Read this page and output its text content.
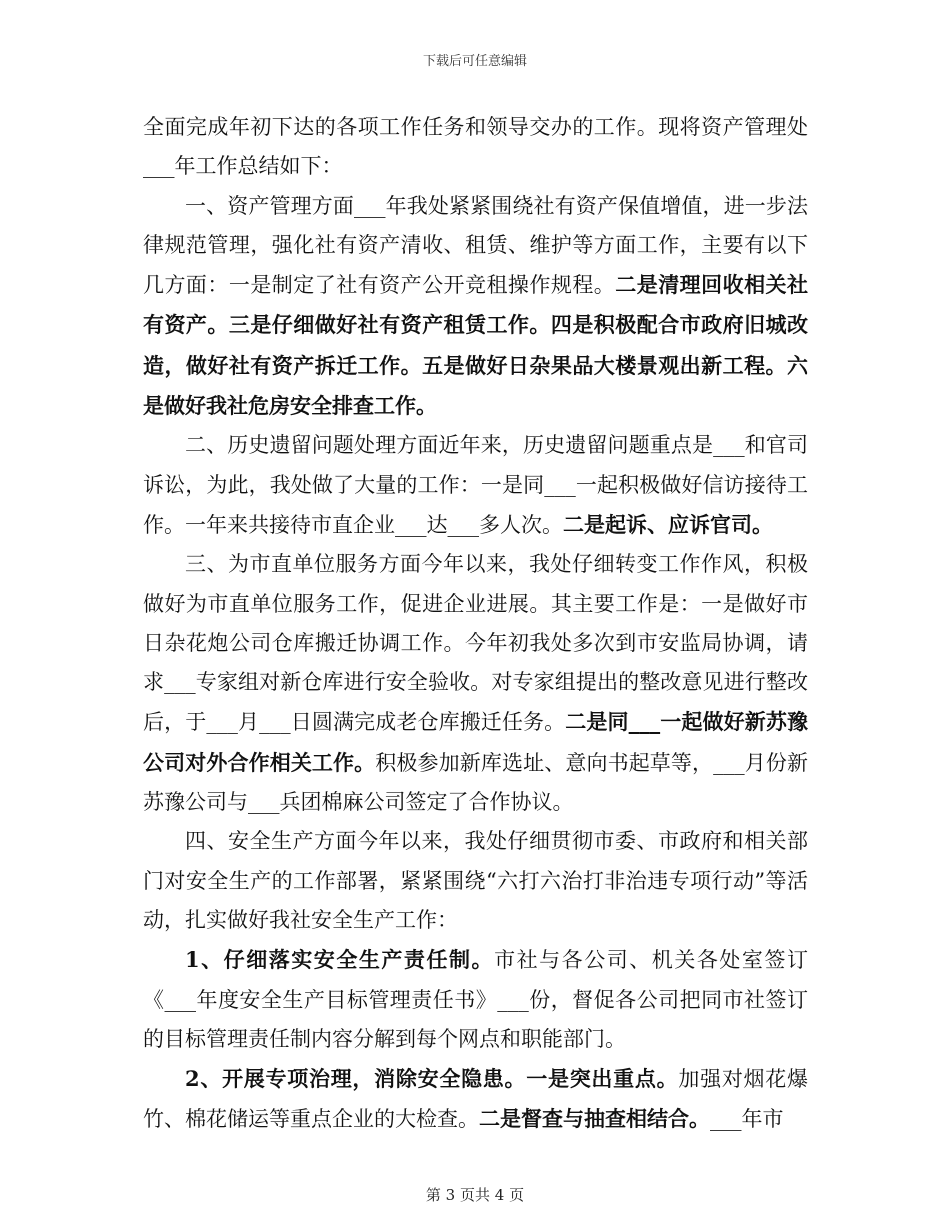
下载后可任意编辑

全面完成年初下达的各项工作任务和领导交办的工作。现将资产管理处___年工作总结如下：

一、资产管理方面___年我处紧紧围绕社有资产保值增值，进一步法律规范管理，强化社有资产清收、租赁、维护等方面工作，主要有以下几方面：一是制定了社有资产公开竞租操作规程。二是清理回收相关社有资产。三是仔细做好社有资产租赁工作。四是积极配合市政府旧城改造，做好社有资产拆迁工作。五是做好日杂果品大楼景观出新工程。六是做好我社危房安全排查工作。

二、历史遗留问题处理方面近年来，历史遗留问题重点是___和官司诉讼，为此，我处做了大量的工作：一是同___一起积极做好信访接待工作。一年来共接待市直企业___达___多人次。二是起诉、应诉官司。

三、为市直单位服务方面今年以来，我处仔细转变工作作风，积极做好为市直单位服务工作，促进企业进展。其主要工作是：一是做好市日杂花炮公司仓库搬迁协调工作。今年初我处多次到市安监局协调，请求___专家组对新仓库进行安全验收。对专家组提出的整改意见进行整改后，于___月___日圆满完成老仓库搬迁任务。二是同___一起做好新苏豫公司对外合作相关工作。积极参加新库选址、意向书起草等，___月份新苏豫公司与___兵团棉麻公司签定了合作协议。

四、安全生产方面今年以来，我处仔细贯彻市委、市政府和相关部门对安全生产的工作部署，紧紧围绕“六打六治打非治违专项行动”等活动，扎实做好我社安全生产工作：

1、仔细落实安全生产责任制。市社与各公司、机关各处室签订《___年度安全生产目标管理责任书》___份，督促各公司把同市社签订的目标管理责任制内容分解到每个网点和职能部门。

2、开展专项治理，消除安全隐患。一是突出重点。加强对烟花爆竹、棉花储运等重点企业的大检查。二是督查与抽查相结合。___年市

第 3 页共 4 页
